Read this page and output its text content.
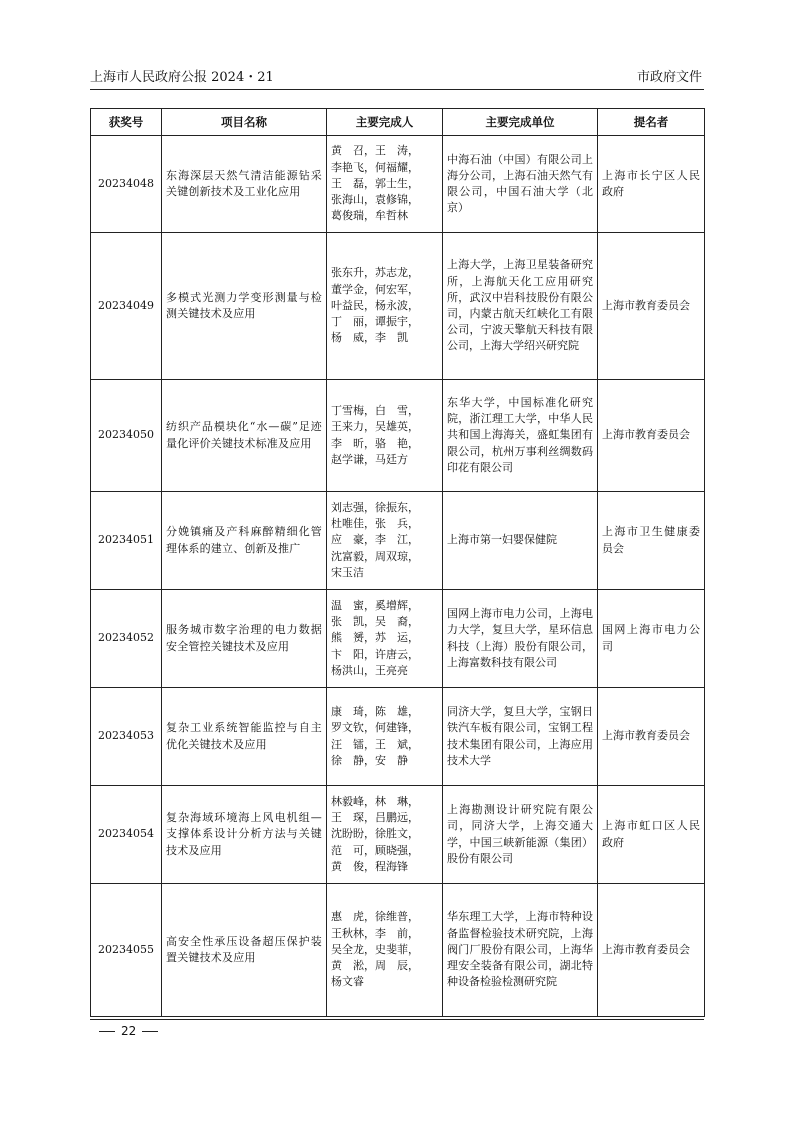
上海市人民政府公报 2024・21	市政府文件
获奖号	项目名称	主要完成人	主要完成单位	提名者
20234048	东海深层天然气清洁能源钻采关键创新技术及工业化应用	黄　召，王　涛，
李艳飞，何福耀，
王　磊，郭士生，
张海山，袁修锦，
葛俊瑞，牟哲林	中海石油（中国）有限公司上海分公司，上海石油天然气有限公司，中国石油大学（北京）	上海市长宁区人民政府
20234049	多模式光测力学变形测量与检测关键技术及应用	张东升，苏志龙，
董学金，何宏军，
叶益民，杨永波，
丁　丽，谭振宇，
杨　威，李　凯	上海大学，上海卫星装备研究所，上海航天化工应用研究所，武汉中岩科技股份有限公司，内蒙古航天红峡化工有限公司，宁波天擎航天科技有限公司，上海大学绍兴研究院	上海市教育委员会
20234050	纺织产品模块化“水—碳”足迹量化评价关键技术标准及应用	丁雪梅，白　雪，
王来力，吴雄英，
李　昕，骆　艳，
赵学谦，马廷方	东华大学，中国标准化研究院，浙江理工大学，中华人民共和国上海海关，盛虹集团有限公司，杭州万事利丝绸数码印花有限公司	上海市教育委员会
20234051	分娩镇痛及产科麻醉精细化管理体系的建立、创新及推广	刘志强，徐振东，
杜唯佳，张　兵，
应　豪，李　江，
沈富毅，周双琼，
宋玉洁	上海市第一妇婴保健院	上海市卫生健康委员会
20234052	服务城市数字治理的电力数据安全管控关键技术及应用	温　蜜，奚增辉，
张　凯，吴　裔，
熊　赟，苏　运，
卞　阳，许唐云，
杨洪山，王亮亮	国网上海市电力公司，上海电力大学，复旦大学，星环信息科技（上海）股份有限公司，上海富数科技有限公司	国网上海市电力公司
20234053	复杂工业系统智能监控与自主优化关键技术及应用	康　琦，陈　雄，
罗文钦，何建锋，
汪　镭，王　斌，
徐　静，安　静	同济大学，复旦大学，宝钢日铁汽车板有限公司，宝钢工程技术集团有限公司，上海应用技术大学	上海市教育委员会
20234054	复杂海域环境海上风电机组—支撑体系设计分析方法与关键技术及应用	林毅峰，林　琳，
王　琛，吕鹏远，
沈盼盼，徐胜文，
范　可，顾晓强，
黄　俊，程海锋	上海勘测设计研究院有限公司，同济大学，上海交通大学，中国三峡新能源（集团）股份有限公司	上海市虹口区人民政府
20234055	高安全性承压设备超压保护装置关键技术及应用	惠　虎，徐维普，
王秋林，李　前，
吴全龙，史斐菲，
黄　淞，周　辰，
杨文睿	华东理工大学，上海市特种设备监督检验技术研究院，上海阀门厂股份有限公司，上海华理安全装备有限公司，湖北特种设备检验检测研究院	上海市教育委员会
22
